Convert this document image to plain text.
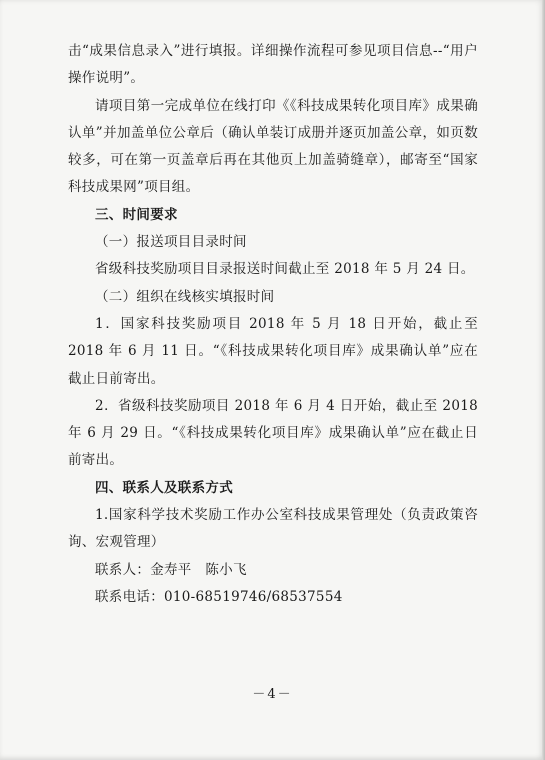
击“成果信息录入”进行填报。详细操作流程可参见项目信息--“用户操作说明”。

请项目第一完成单位在线打印《《科技成果转化项目库》成果确认单”并加盖单位公章后（确认单装订成册并逐页加盖公章，如页数较多，可在第一页盖章后再在其他页上加盖骑缝章），邮寄至“国家科技成果网”项目组。

三、时间要求

（一）报送项目目录时间

省级科技奖励项目目录报送时间截止至 2018 年 5 月 24 日。

（二）组织在线核实填报时间

1．国家科技奖励项目 2018 年 5 月 18 日开始，截止至 2018 年 6 月 11 日。“《科技成果转化项目库》成果确认单”应在截止日前寄出。

2．省级科技奖励项目 2018 年 6 月 4 日开始，截止至 2018 年 6 月 29 日。“《科技成果转化项目库》成果确认单”应在截止日前寄出。

四、联系人及联系方式

1.国家科学技术奖励工作办公室科技成果管理处（负责政策咨询、宏观管理）

联系人：金寿平　陈小飞

联系电话：010-68519746/68537554

－4－
